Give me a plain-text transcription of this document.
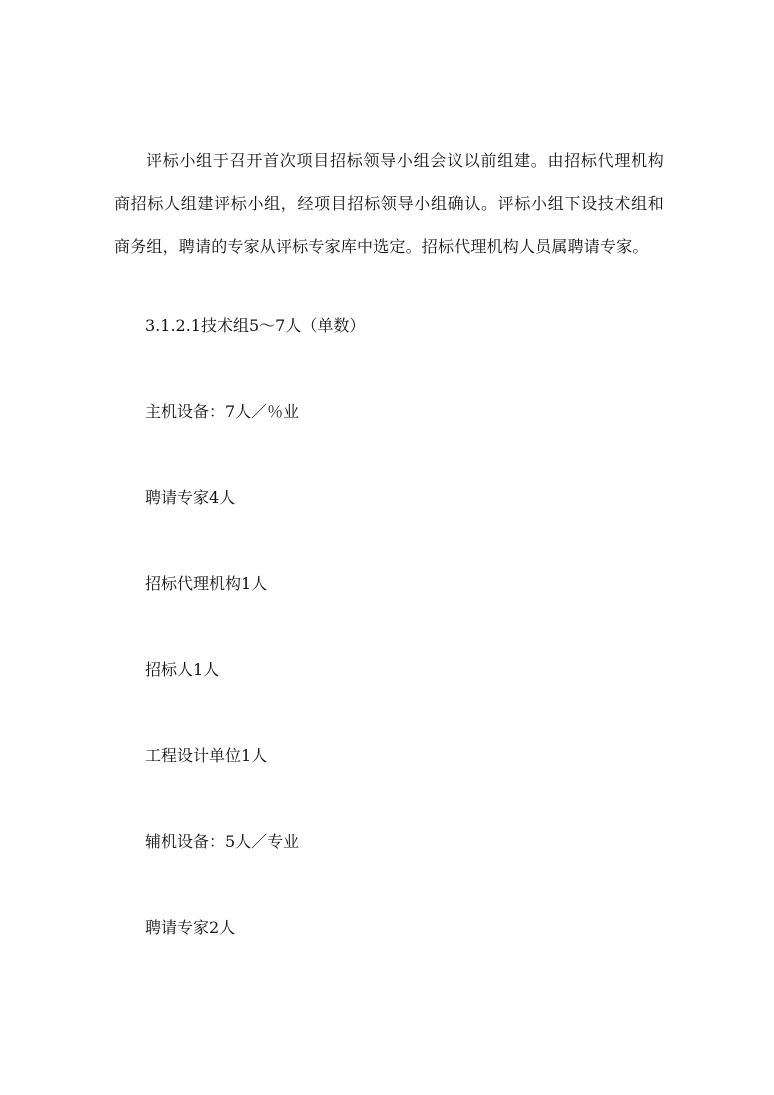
评标小组于召开首次项目招标领导小组会议以前组建。由招标代理机构商招标人组建评标小组，经项目招标领导小组确认。评标小组下设技术组和商务组，聘请的专家从评标专家库中选定。招标代理机构人员属聘请专家。

3.1.2.1技术组5～7人（单数）

主机设备：7人／％业

聘请专家4人

招标代理机构1人

招标人1人

工程设计单位1人

辅机设备：5人／专业

聘请专家2人
